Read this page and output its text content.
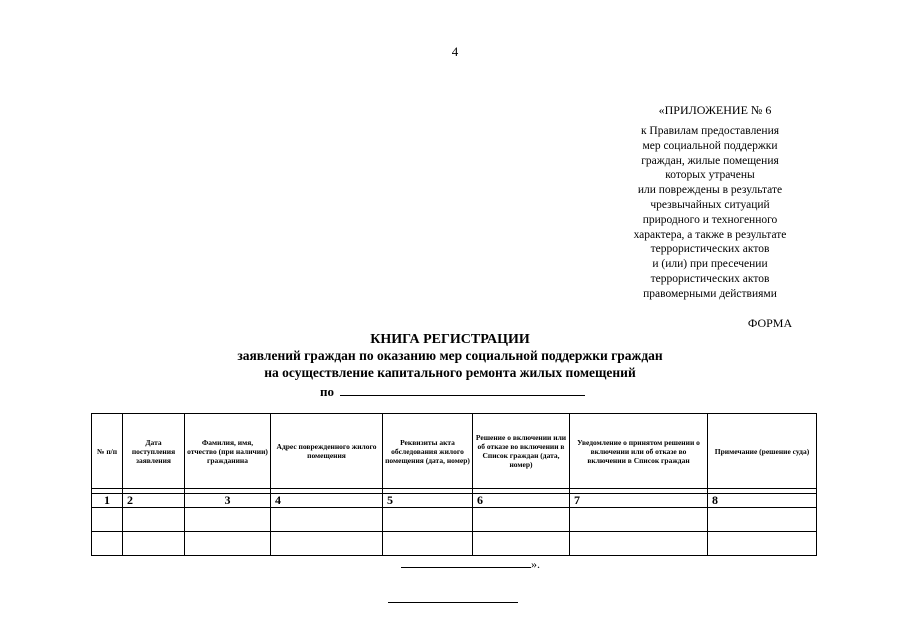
4
«ПРИЛОЖЕНИЕ № 6
к Правилам предоставления
мер социальной поддержки
граждан, жилые помещения
которых утрачены
или повреждены в результате
чрезвычайных ситуаций
природного и техногенного
характера, а также в результате
террористических актов
и (или) при пресечении
террористических актов
правомерными действиями
ФОРМА
КНИГА РЕГИСТРАЦИИ
заявлений граждан по оказанию мер социальной поддержки граждан
на осуществление капитального ремонта жилых помещений
по
№ п/п	Дата поступления заявления	Фамилия, имя, отчество (при наличии) гражданина	Адрес поврежденного жилого помещения	Реквизиты акта обследования жилого помещения (дата, номер)	Решение о включении или об отказе во включении в Список граждан (дата, номер)	Уведомление о принятом решении о включении или об отказе во включении в Список граждан	Примечание (решение суда)

1	2	3	4	5	6	7	8

».
